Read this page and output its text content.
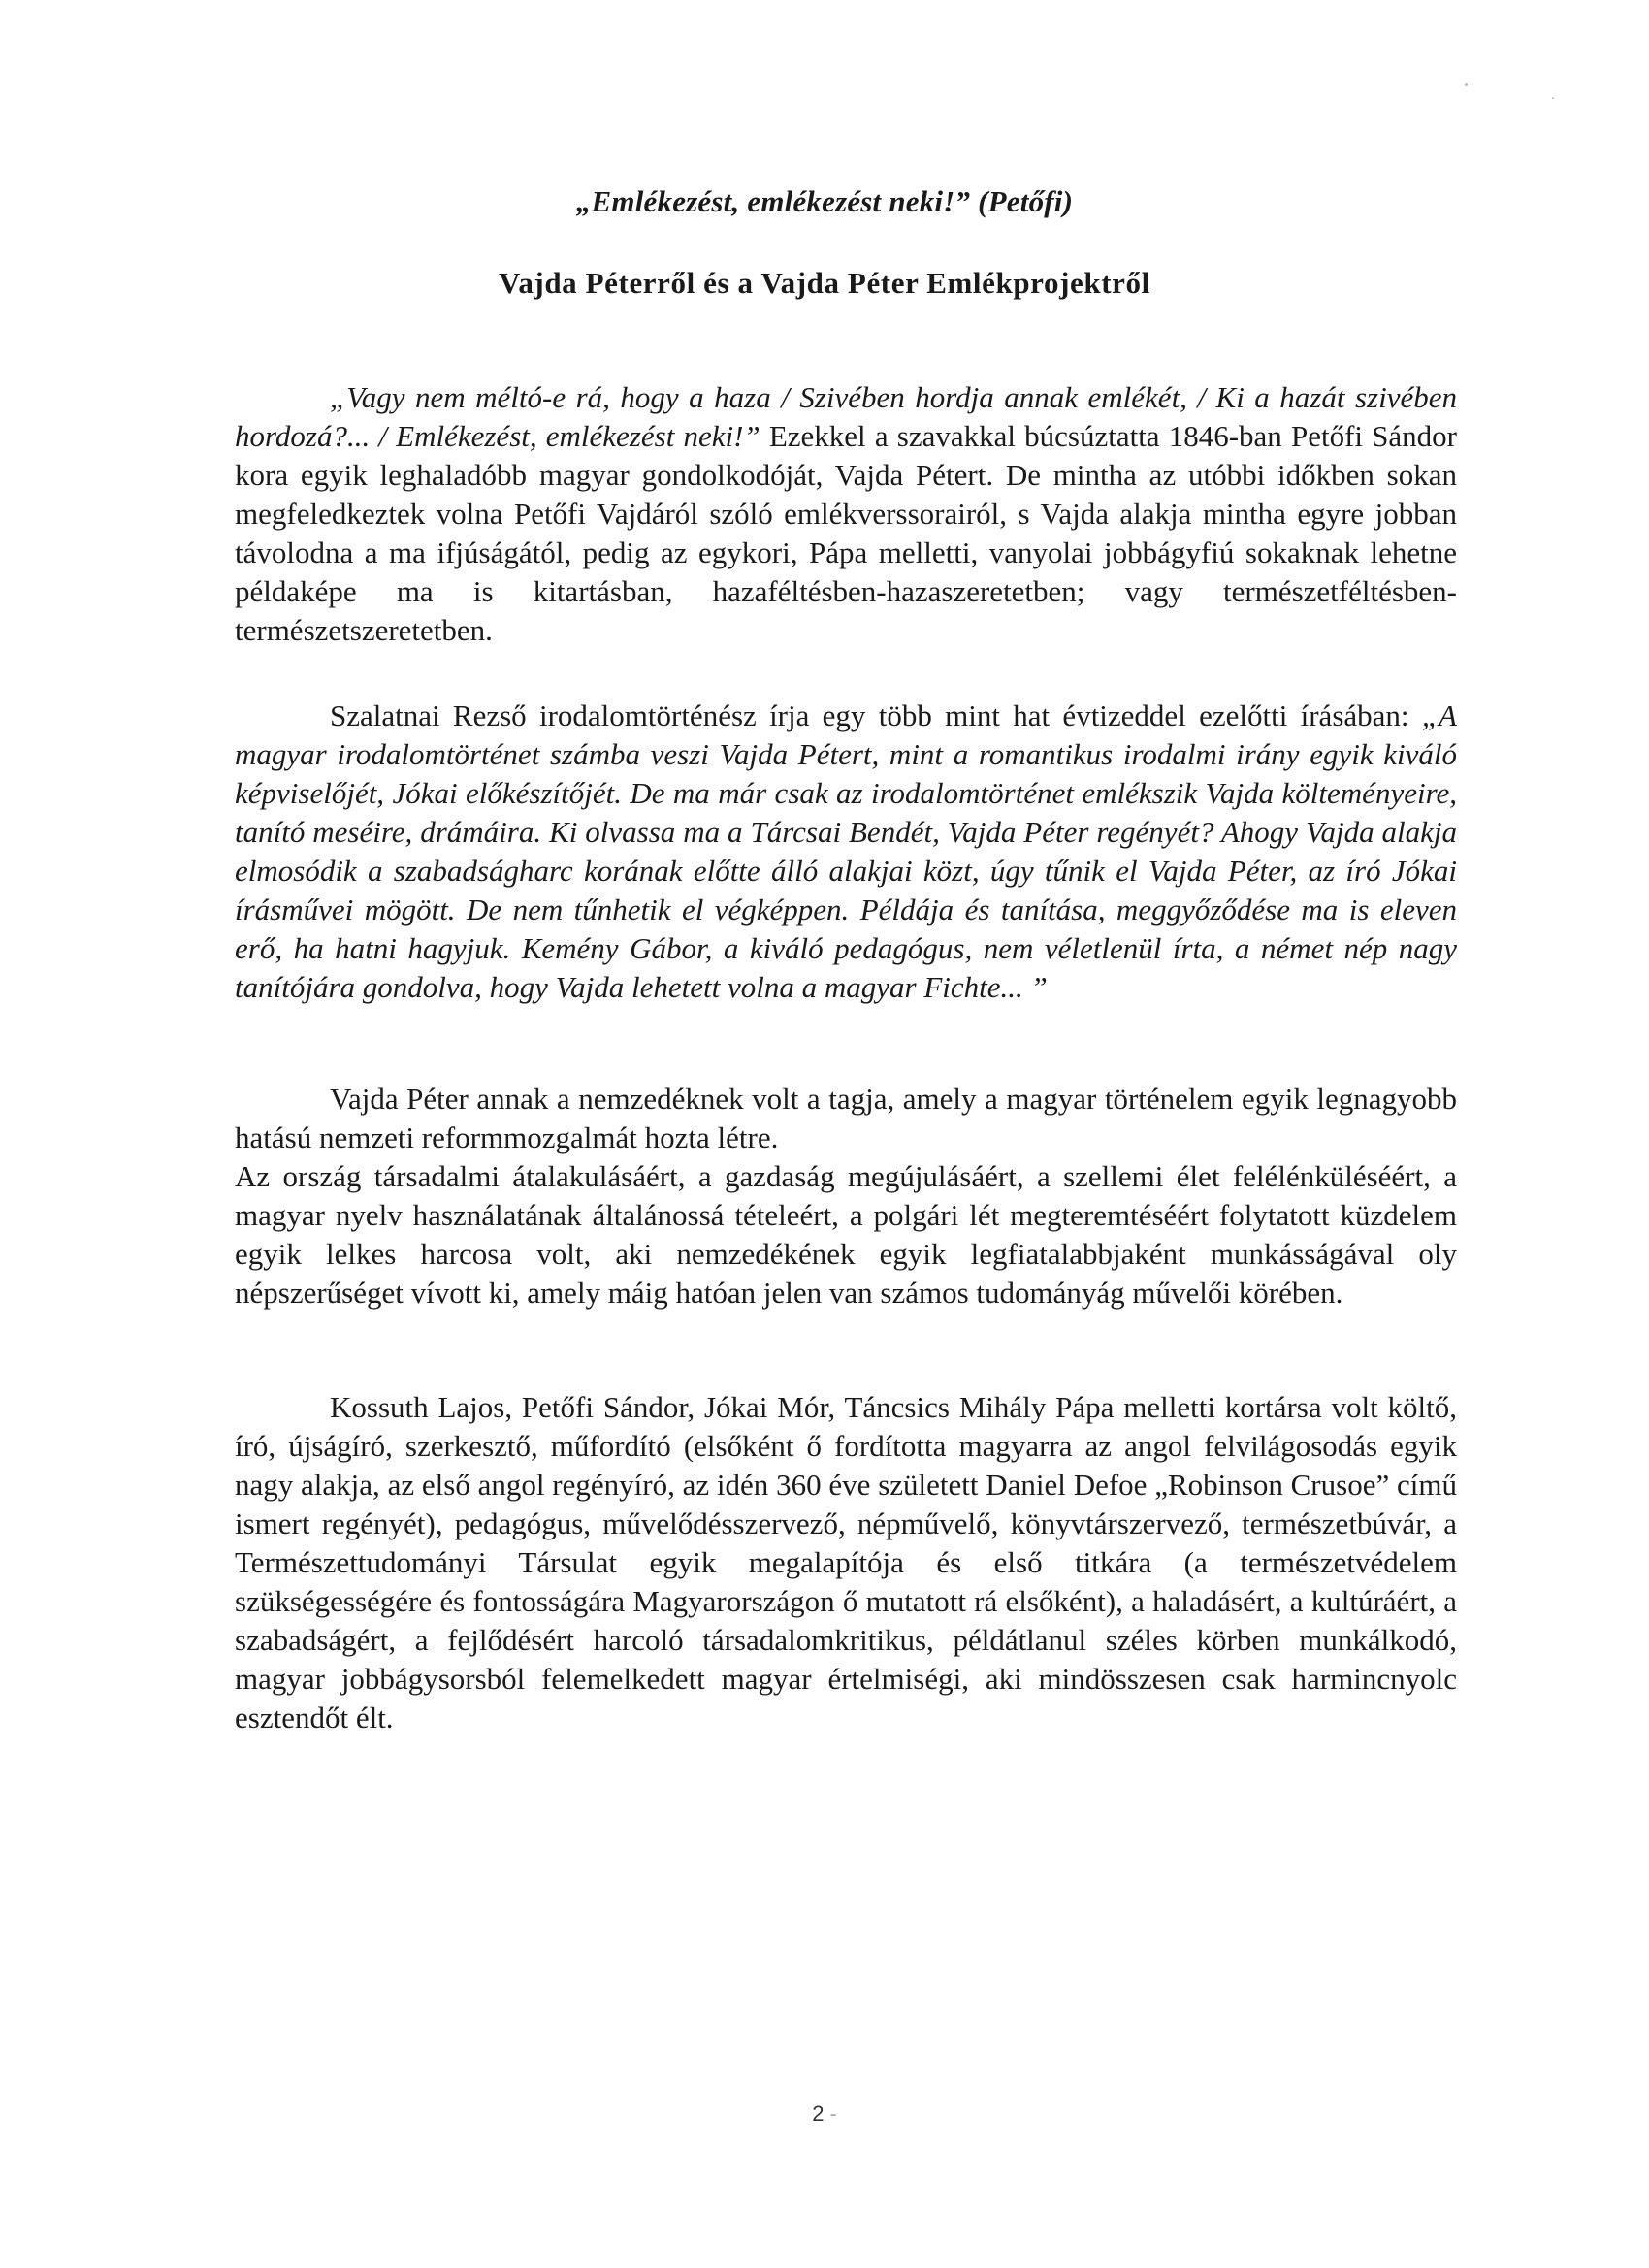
„Emlékezést, emlékezést neki!” (Petőfi)
Vajda Péterről és a Vajda Péter Emlékprojektről

„Vagy nem méltó-e rá, hogy a haza / Szivében hordja annak emlékét, / Ki a hazát szivében hordozá?... / Emlékezést, emlékezést neki!” Ezekkel a szavakkal búcsúztatta 1846-ban Petőfi Sándor kora egyik leghaladóbb magyar gondolkodóját, Vajda Pétert. De mintha az utóbbi időkben sokan megfeledkeztek volna Petőfi Vajdáról szóló emlékverssorairól, s Vajda alakja mintha egyre jobban távolodna a ma ifjúságától, pedig az egykori, Pápa melletti, vanyolai jobbágyfiú sokaknak lehetne példaképe ma is kitartásban, hazaféltésben-hazaszeretetben; vagy természetféltésben-természetszeretetben.

Szalatnai Rezső irodalomtörténész írja egy több mint hat évtizeddel ezelőtti írásában: „A magyar irodalomtörténet számba veszi Vajda Pétert, mint a romantikus irodalmi irány egyik kiváló képviselőjét, Jókai előkészítőjét. De ma már csak az irodalomtörténet emlékszik Vajda költeményeire, tanító meséire, drámáira. Ki olvassa ma a Tárcsai Bendét, Vajda Péter regényét? Ahogy Vajda alakja elmosódik a szabadságharc korának előtte álló alakjai közt, úgy tűnik el Vajda Péter, az író Jókai írásművei mögött. De nem tűnhetik el végképpen. Példája és tanítása, meggyőződése ma is eleven erő, ha hatni hagyjuk. Kemény Gábor, a kiváló pedagógus, nem véletlenül írta, a német nép nagy tanítójára gondolva, hogy Vajda lehetett volna a magyar Fichte... ”

Vajda Péter annak a nemzedéknek volt a tagja, amely a magyar történelem egyik legnagyobb hatású nemzeti reformmozgalmát hozta létre.

Az ország társadalmi átalakulásáért, a gazdaság megújulásáért, a szellemi élet felélénküléséért, a magyar nyelv használatának általánossá tételeért, a polgári lét megteremtéséért folytatott küzdelem egyik lelkes harcosa volt, aki nemzedékének egyik legfiatalabbjaként munkásságával oly népszerűséget vívott ki, amely máig hatóan jelen van számos tudományág művelői körében.

Kossuth Lajos, Petőfi Sándor, Jókai Mór, Táncsics Mihály Pápa melletti kortársa volt költő, író, újságíró, szerkesztő, műfordító (elsőként ő fordította magyarra az angol felvilágosodás egyik nagy alakja, az első angol regényíró, az idén 360 éve született Daniel Defoe „Robinson Crusoe” című ismert regényét), pedagógus, művelődésszervező, népművelő, könyvtárszervező, természetbúvár, a Természettudományi Társulat egyik megalapítója és első titkára (a természetvédelem szükségességére és fontosságára Magyarországon ő mutatott rá elsőként), a haladásért, a kultúráért, a szabadságért, a fejlődésért harcoló társadalomkritikus, példátlanul széles körben munkálkodó, magyar jobbágysorsból felemelkedett magyar értelmiségi, aki mindösszesen csak harmincnyolc esztendőt élt.

2 -
